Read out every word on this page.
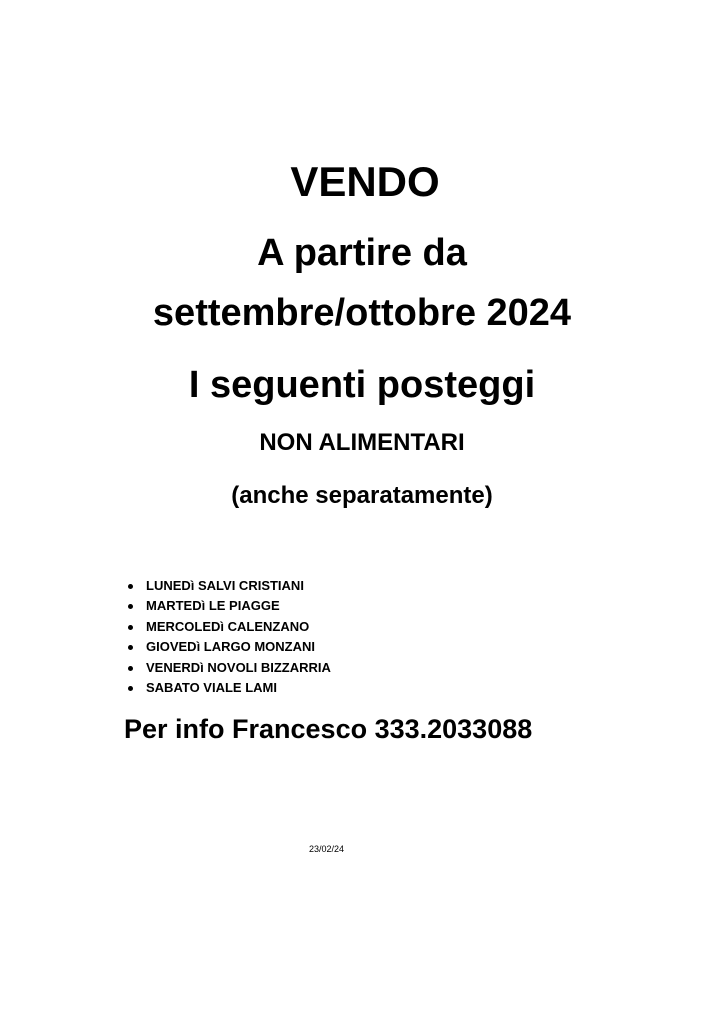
VENDO
A partire da
settembre/ottobre 2024
I seguenti posteggi
NON ALIMENTARI
(anche separatamente)
LUNEDì SALVI CRISTIANI
MARTEDì LE PIAGGE
MERCOLEDì CALENZANO
GIOVEDì LARGO MONZANI
VENERDì NOVOLI BIZZARRIA
SABATO VIALE LAMI
Per info Francesco 333.2033088
23/02/24
